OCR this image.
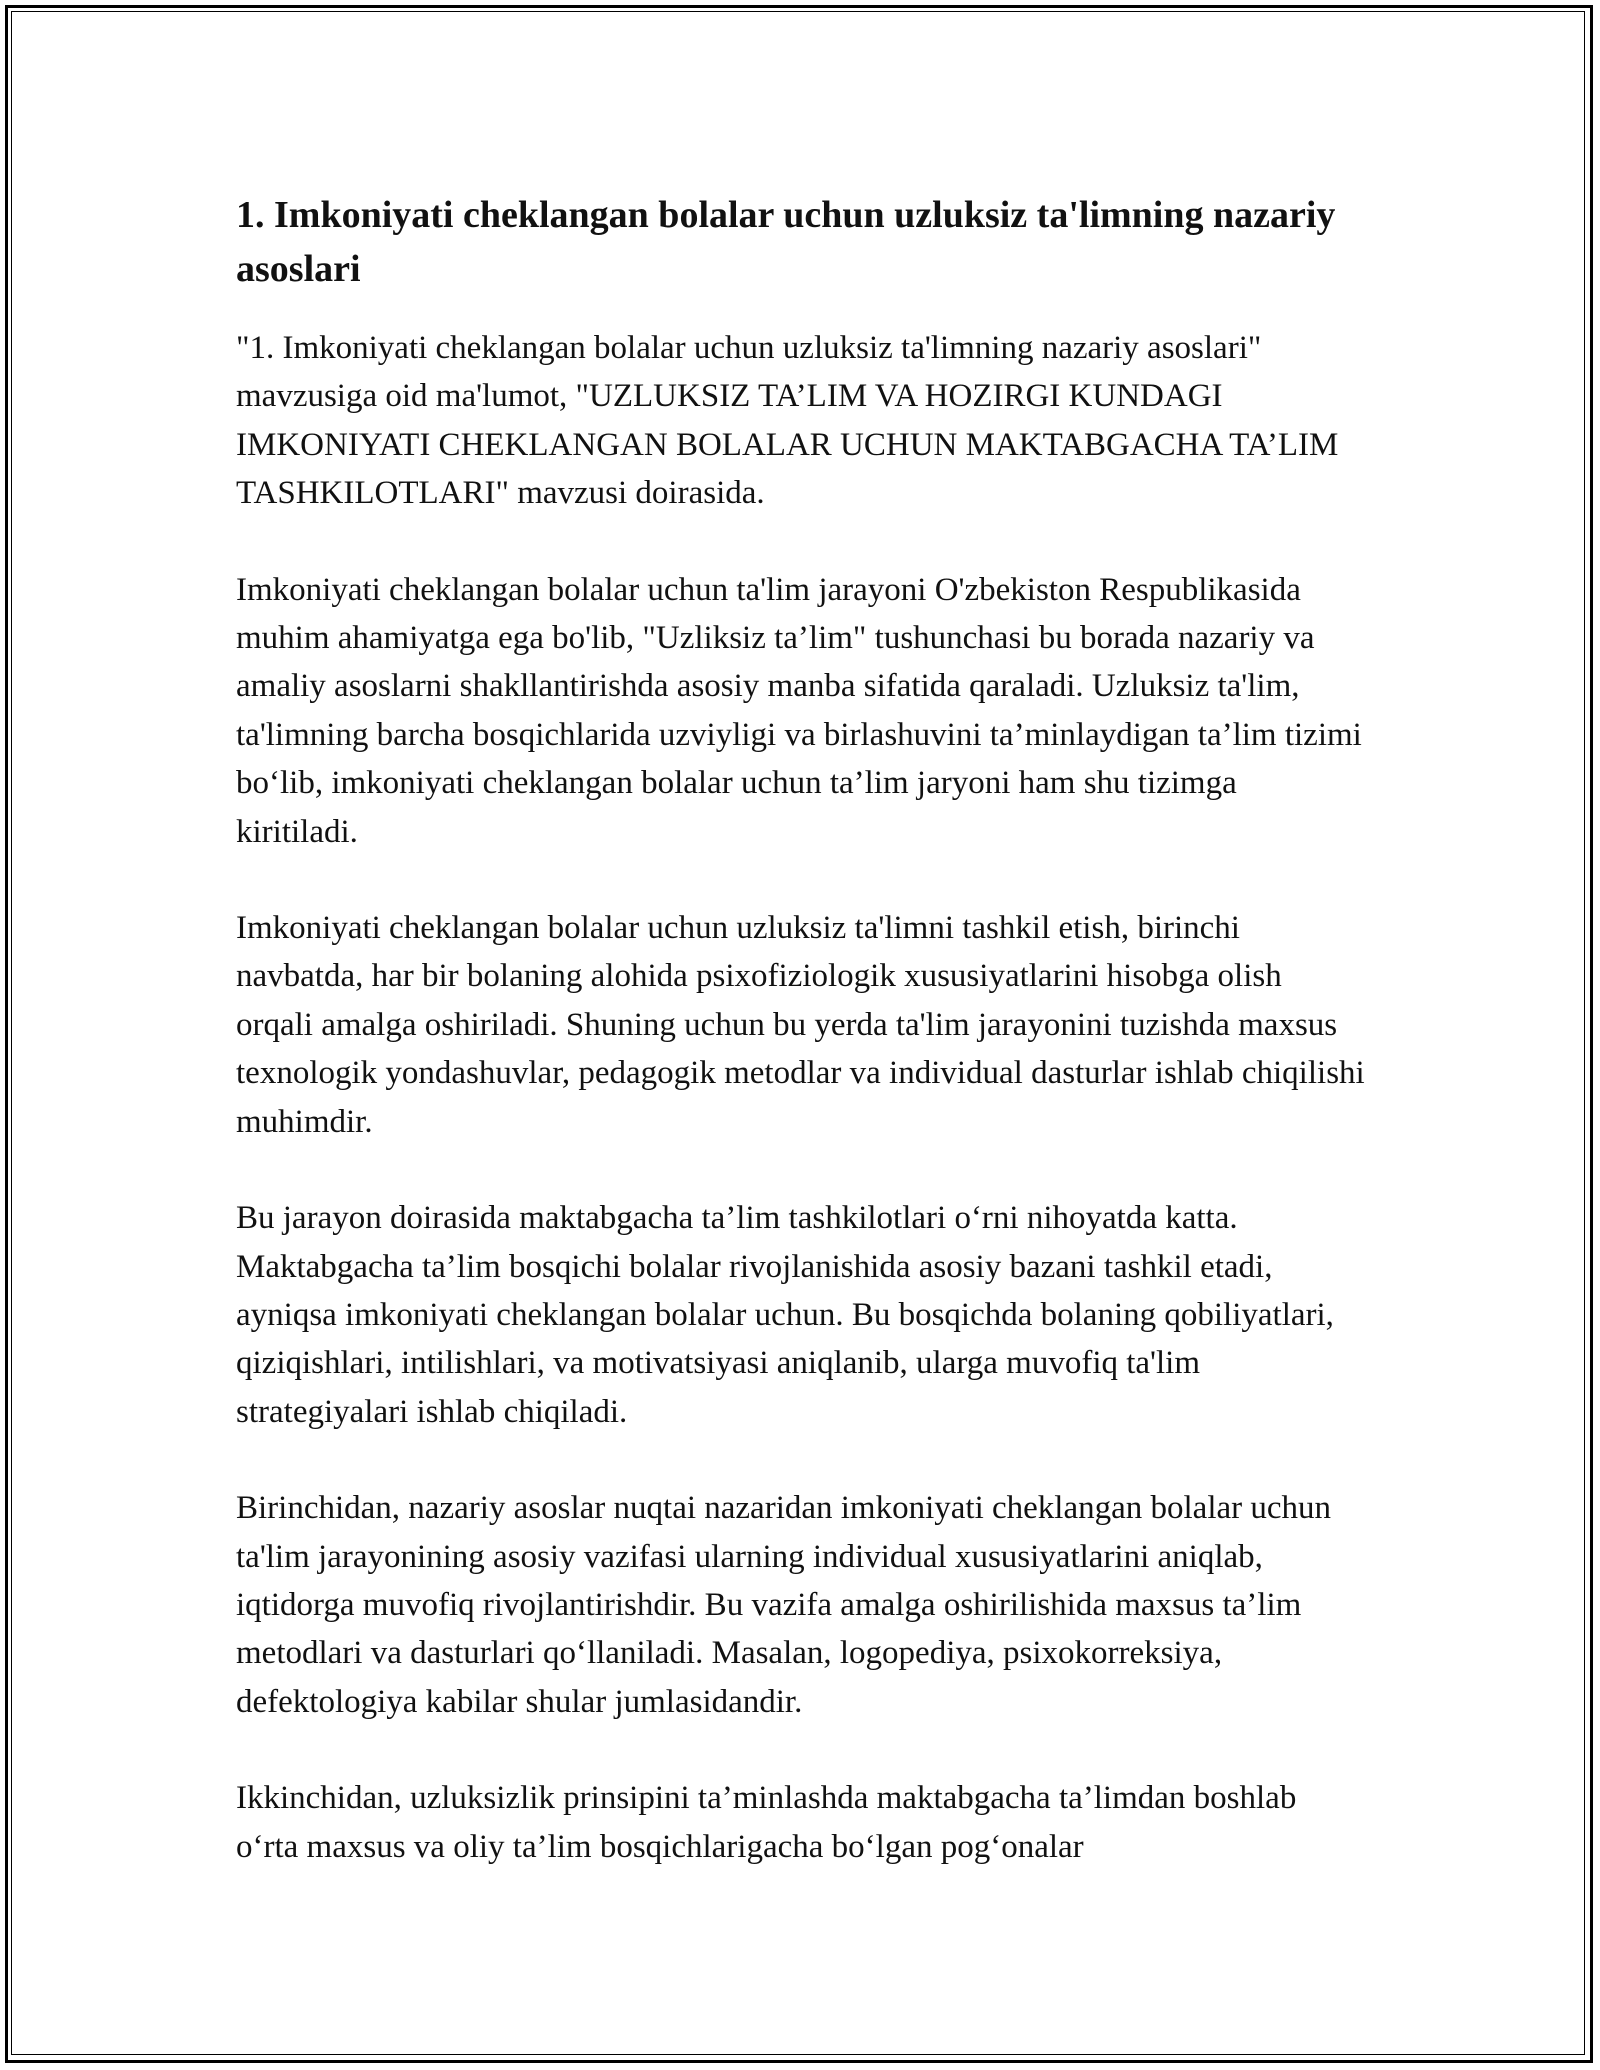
1. Imkoniyati cheklangan bolalar uchun uzluksiz ta'limning nazariy asoslari

"1. Imkoniyati cheklangan bolalar uchun uzluksiz ta'limning nazariy asoslari" mavzusiga oid ma'lumot, "UZLUKSIZ TA’LIM VA HOZIRGI KUNDAGI IMKONIYATI CHEKLANGAN BOLALAR UCHUN MAKTABGACHA TA’LIM TASHKILOTLARI" mavzusi doirasida.

Imkoniyati cheklangan bolalar uchun ta'lim jarayoni O'zbekiston Respublikasida muhim ahamiyatga ega bo'lib, "Uzliksiz ta’lim" tushunchasi bu borada nazariy va amaliy asoslarni shakllantirishda asosiy manba sifatida qaraladi. Uzluksiz ta'lim, ta'limning barcha bosqichlarida uzviyligi va birlashuvini ta’minlaydigan ta’lim tizimi bo‘lib, imkoniyati cheklangan bolalar uchun ta’lim jaryoni ham shu tizimga kiritiladi.

Imkoniyati cheklangan bolalar uchun uzluksiz ta'limni tashkil etish, birinchi navbatda, har bir bolaning alohida psixofiziologik xususiyatlarini hisobga olish orqali amalga oshiriladi. Shuning uchun bu yerda ta'lim jarayonini tuzishda maxsus texnologik yondashuvlar, pedagogik metodlar va individual dasturlar ishlab chiqilishi muhimdir.

Bu jarayon doirasida maktabgacha ta’lim tashkilotlari o‘rni nihoyatda katta. Maktabgacha ta’lim bosqichi bolalar rivojlanishida asosiy bazani tashkil etadi, ayniqsa imkoniyati cheklangan bolalar uchun. Bu bosqichda bolaning qobiliyatlari, qiziqishlari, intilishlari, va motivatsiyasi aniqlanib, ularga muvofiq ta'lim strategiyalari ishlab chiqiladi.

Birinchidan, nazariy asoslar nuqtai nazaridan imkoniyati cheklangan bolalar uchun ta'lim jarayonining asosiy vazifasi ularning individual xususiyatlarini aniqlab, iqtidorga muvofiq rivojlantirishdir. Bu vazifa amalga oshirilishida maxsus ta’lim metodlari va dasturlari qo‘llaniladi. Masalan, logopediya, psixokorreksiya, defektologiya kabilar shular jumlasidandir.

Ikkinchidan, uzluksizlik prinsipini ta’minlashda maktabgacha ta’limdan boshlab o‘rta maxsus va oliy ta’lim bosqichlarigacha bo‘lgan pog‘onalar
